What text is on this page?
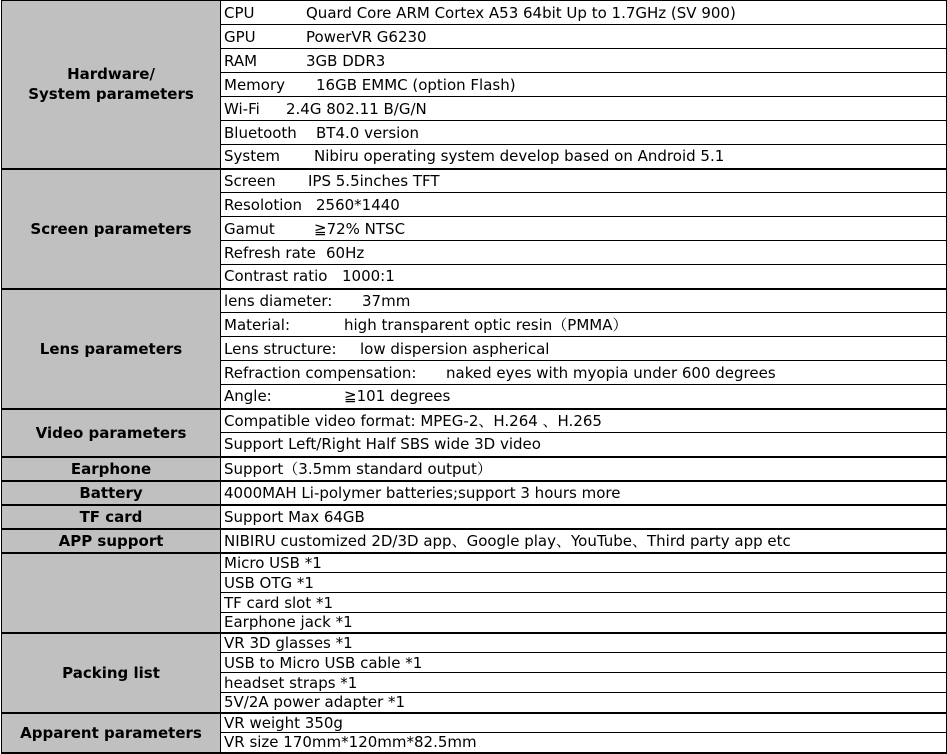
Hardware/
System parameters	CPU Quard Core ARM Cortex A53 64bit Up to 1.7GHz (SV 900)
	GPU PowerVR G6230
	RAM 3GB DDR3
	Memory 16GB EMMC (option Flash)
	Wi-Fi 2.4G 802.11 B/G/N
	Bluetooth BT4.0 version
	System Nibiru operating system develop based on Android 5.1
Screen parameters	Screen IPS 5.5inches TFT
	Resolotion 2560*1440
	Gamut ≧72% NTSC
	Refresh rate 60Hz
	Contrast ratio 1000:1
Lens parameters	lens diameter: 37mm
	Material: high transparent optic resin（PMMA）
	Lens structure: low dispersion aspherical
	Refraction compensation: naked eyes with myopia under 600 degrees
	Angle: ≧101 degrees
Video parameters	Compatible video format: MPEG-2、H.264 、H.265
	Support Left/Right Half SBS wide 3D video
Earphone	Support（3.5mm standard output）
Battery	4000MAH Li-polymer batteries;support 3 hours more
TF card	Support Max 64GB
APP support	NIBIRU customized 2D/3D app、Google play、YouTube、Third party app etc
	Micro USB *1
	USB OTG *1
	TF card slot *1
	Earphone jack *1
Packing list	VR 3D glasses *1
	USB to Micro USB cable *1
	headset straps *1
	5V/2A power adapter *1
Apparent parameters	VR weight 350g
	VR size 170mm*120mm*82.5mm
